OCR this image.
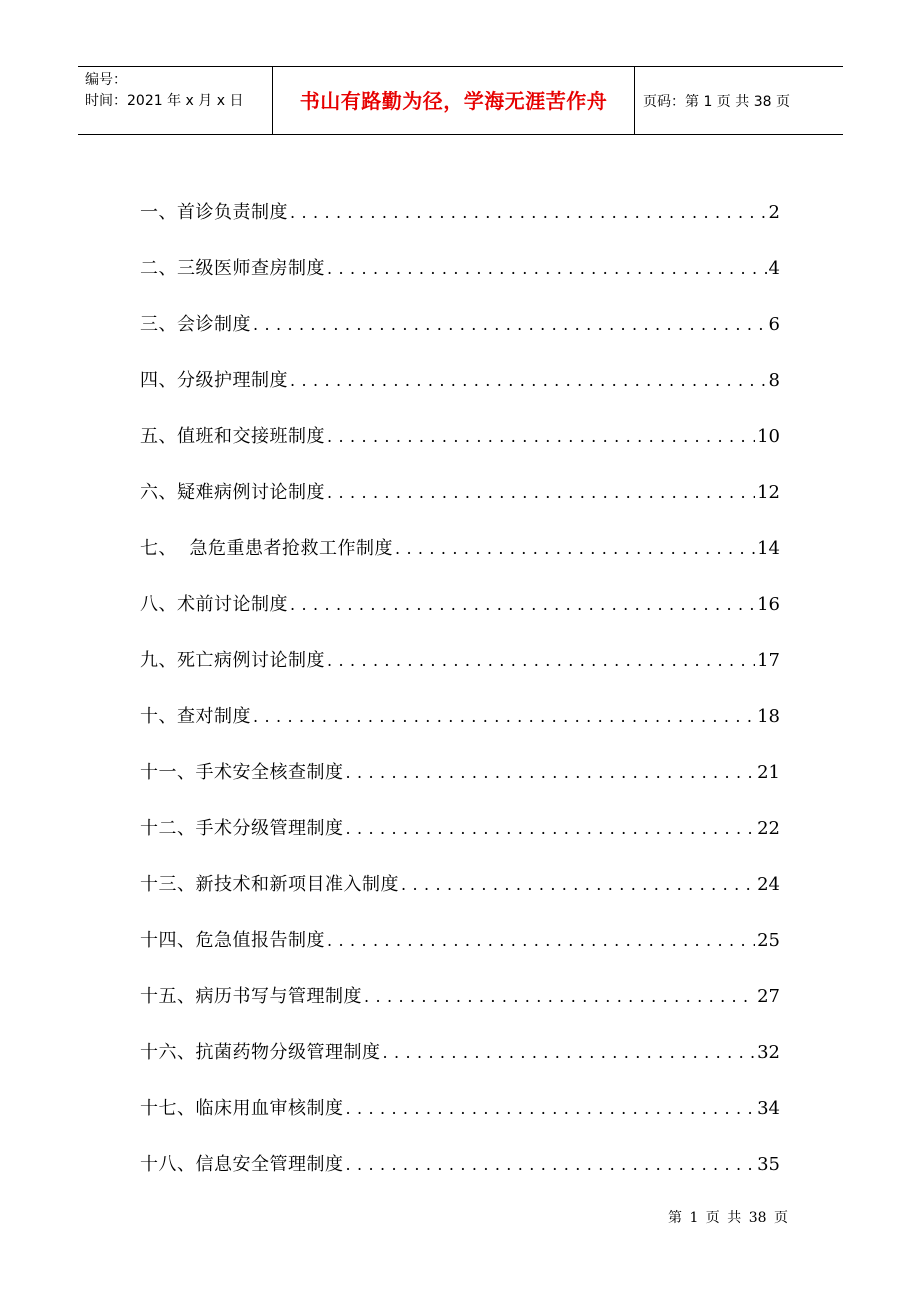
编号：
时间：2021 年 x 月 x 日	书山有路勤为径，学海无涯苦作舟	页码：第 1 页 共 38 页
一、首诊负责制度 .....	2
二、三级医师查房制度 .....	4
三、会诊制度 .....	6
四、分级护理制度 .....	8
五、值班和交接班制度 .....	10
六、疑难病例讨论制度 .....	12
七、  急危重患者抢救工作制度 .....	14
八、术前讨论制度 .....	16
九、死亡病例讨论制度 .....	17
十、查对制度 .....	18
十一、手术安全核查制度 .....	21
十二、手术分级管理制度 .....	22
十三、新技术和新项目准入制度 .....	24
十四、危急值报告制度 .....	25
十五、病历书写与管理制度 .....	27
十六、抗菌药物分级管理制度 .....	32
十七、临床用血审核制度 .....	34
十八、信息安全管理制度 .....	35
第 1 页 共 38 页
